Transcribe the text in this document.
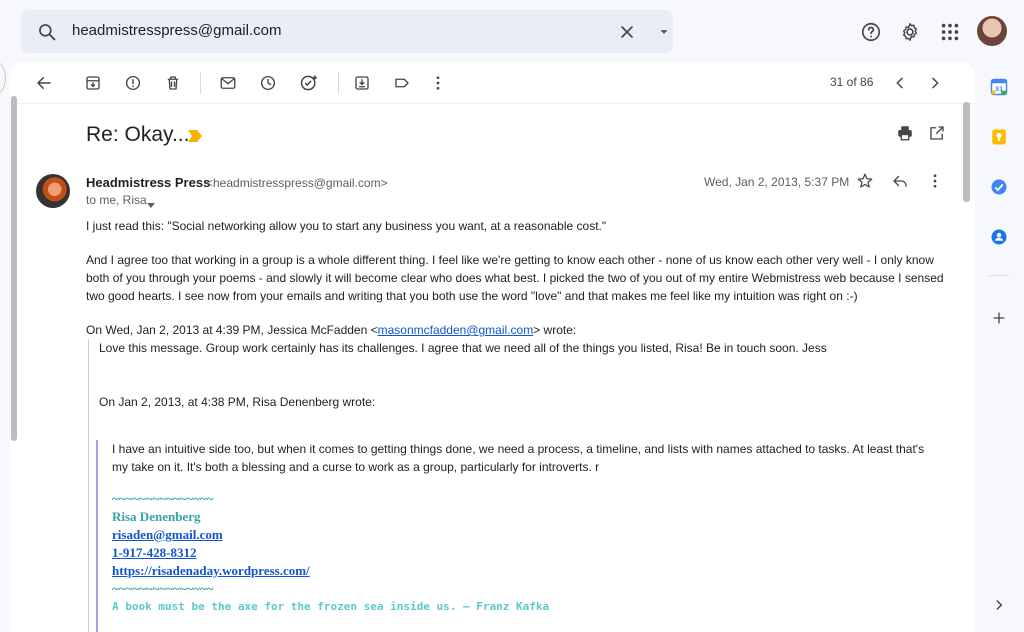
headmistresspress@gmail.com
31 of 86
Re: Okay...
Headmistress Press
<headmistresspress@gmail.com>
to me, Risa
Wed, Jan 2, 2013, 5:37 PM
I just read this: "Social networking allow you to start any business you want, at a reasonable cost."
And I agree too that working in a group is a whole different thing. I feel like we're getting to know each other - none of us know each other very well - I only know both of you through your poems - and slowly it will become clear who does what best. I picked the two of you out of my entire Webmistress web because I sensed two good hearts. I see now from your emails and writing that you both use the word "love" and that makes me feel like my intuition was right on :-)
On Wed, Jan 2, 2013 at 4:39 PM, Jessica McFadden <masonmcfadden@gmail.com> wrote:
Love this message. Group work certainly has its challenges. I agree that we need all of the things you listed, Risa! Be in touch soon. Jess
On Jan 2, 2013, at 4:38 PM, Risa Denenberg wrote:
I have an intuitive side too, but when it comes to getting things done, we need a process, a timeline, and lists with names attached to tasks. At least that's my take on it. It's both a blessing and a curse to work as a group, particularly for introverts. r
~~~~~~~~~~~~~~~
Risa Denenberg
risaden@gmail.com
1-917-428-8312
https://risadenaday.wordpress.com/
~~~~~~~~~~~~~~~
A book must be the axe for the frozen sea inside us. — Franz Kafka
31
